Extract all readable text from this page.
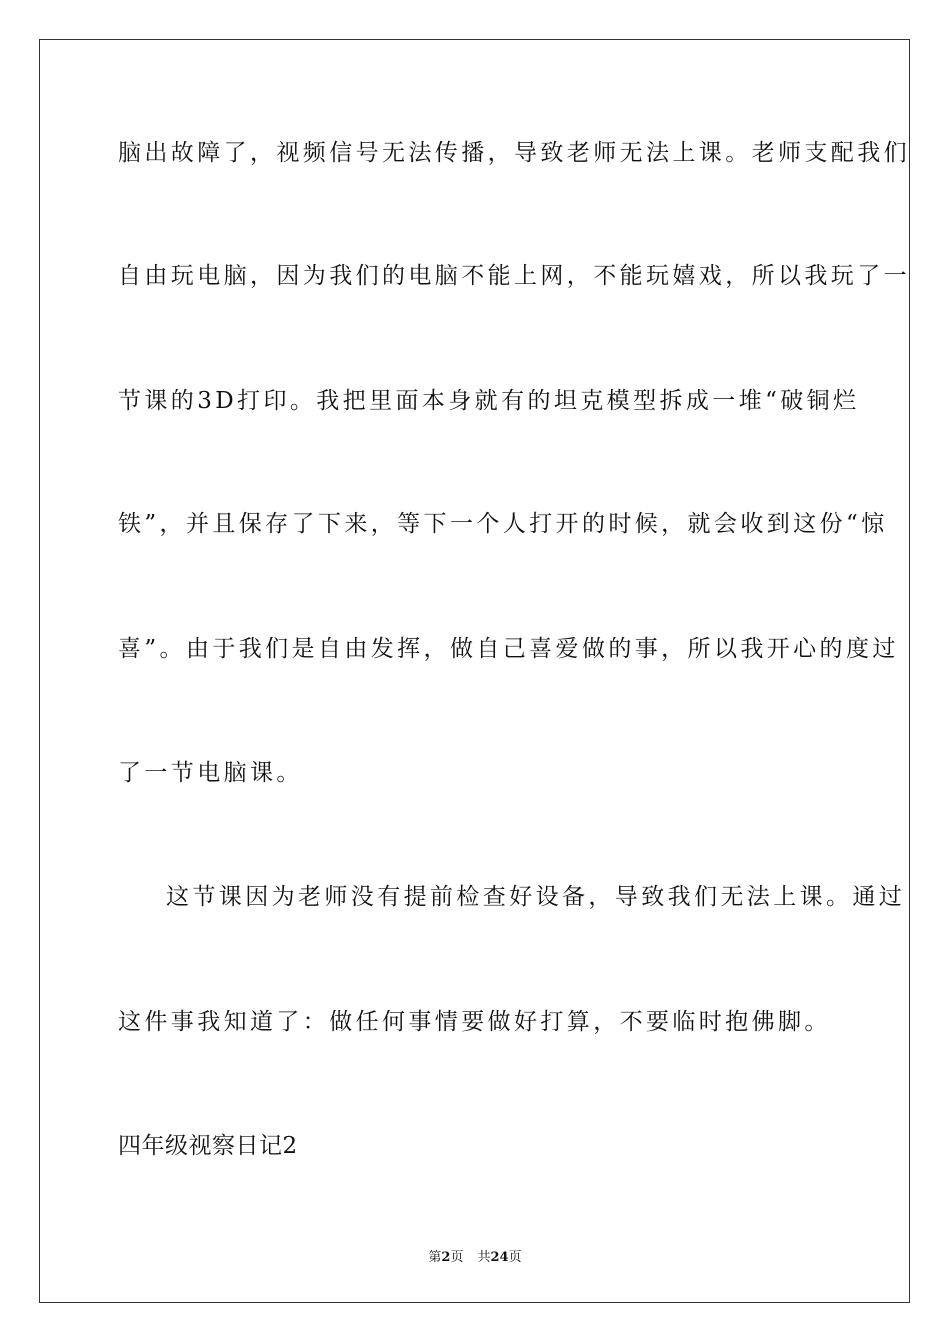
脑出故障了，视频信号无法传播，导致老师无法上课。老师支配我们
自由玩电脑，因为我们的电脑不能上网，不能玩嬉戏，所以我玩了一
节课的3D打印。我把里面本身就有的坦克模型拆成一堆“破铜烂
铁”，并且保存了下来，等下一个人打开的时候，就会收到这份“惊
喜”。由于我们是自由发挥，做自己喜爱做的事，所以我开心的度过
了一节电脑课。
这节课因为老师没有提前检查好设备，导致我们无法上课。通过
这件事我知道了：做任何事情要做好打算，不要临时抱佛脚。
四年级视察日记2
第2页 共24页
